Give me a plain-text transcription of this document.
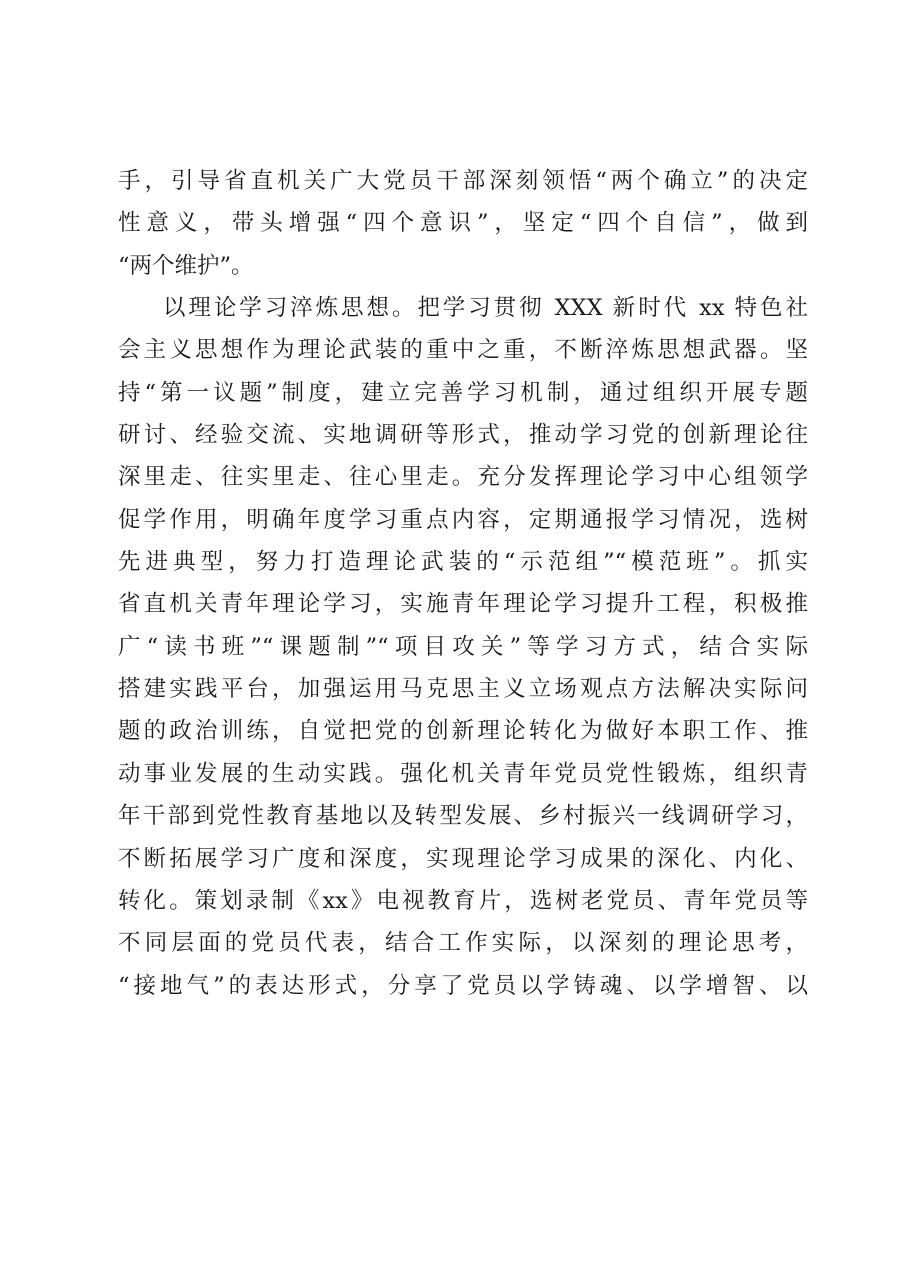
手，引导省直机关广大党员干部深刻领悟“两个确立”的决定
性意义，带头增强“四个意识”，坚定“四个自信”，做到
“两个维护”。
以理论学习淬炼思想。把学习贯彻 XXX 新时代 xx 特色社
会主义思想作为理论武装的重中之重，不断淬炼思想武器。坚
持“第一议题”制度，建立完善学习机制，通过组织开展专题
研讨、经验交流、实地调研等形式，推动学习党的创新理论往
深里走、往实里走、往心里走。充分发挥理论学习中心组领学
促学作用，明确年度学习重点内容，定期通报学习情况，选树
先进典型，努力打造理论武装的“示范组”“模范班”。抓实
省直机关青年理论学习，实施青年理论学习提升工程，积极推
广“读书班”“课题制”“项目攻关”等学习方式，结合实际
搭建实践平台，加强运用马克思主义立场观点方法解决实际问
题的政治训练，自觉把党的创新理论转化为做好本职工作、推
动事业发展的生动实践。强化机关青年党员党性锻炼，组织青
年干部到党性教育基地以及转型发展、乡村振兴一线调研学习，
不断拓展学习广度和深度，实现理论学习成果的深化、内化、
转化。策划录制《xx》电视教育片，选树老党员、青年党员等
不同层面的党员代表，结合工作实际，以深刻的理论思考，
“接地气”的表达形式，分享了党员以学铸魂、以学增智、以
